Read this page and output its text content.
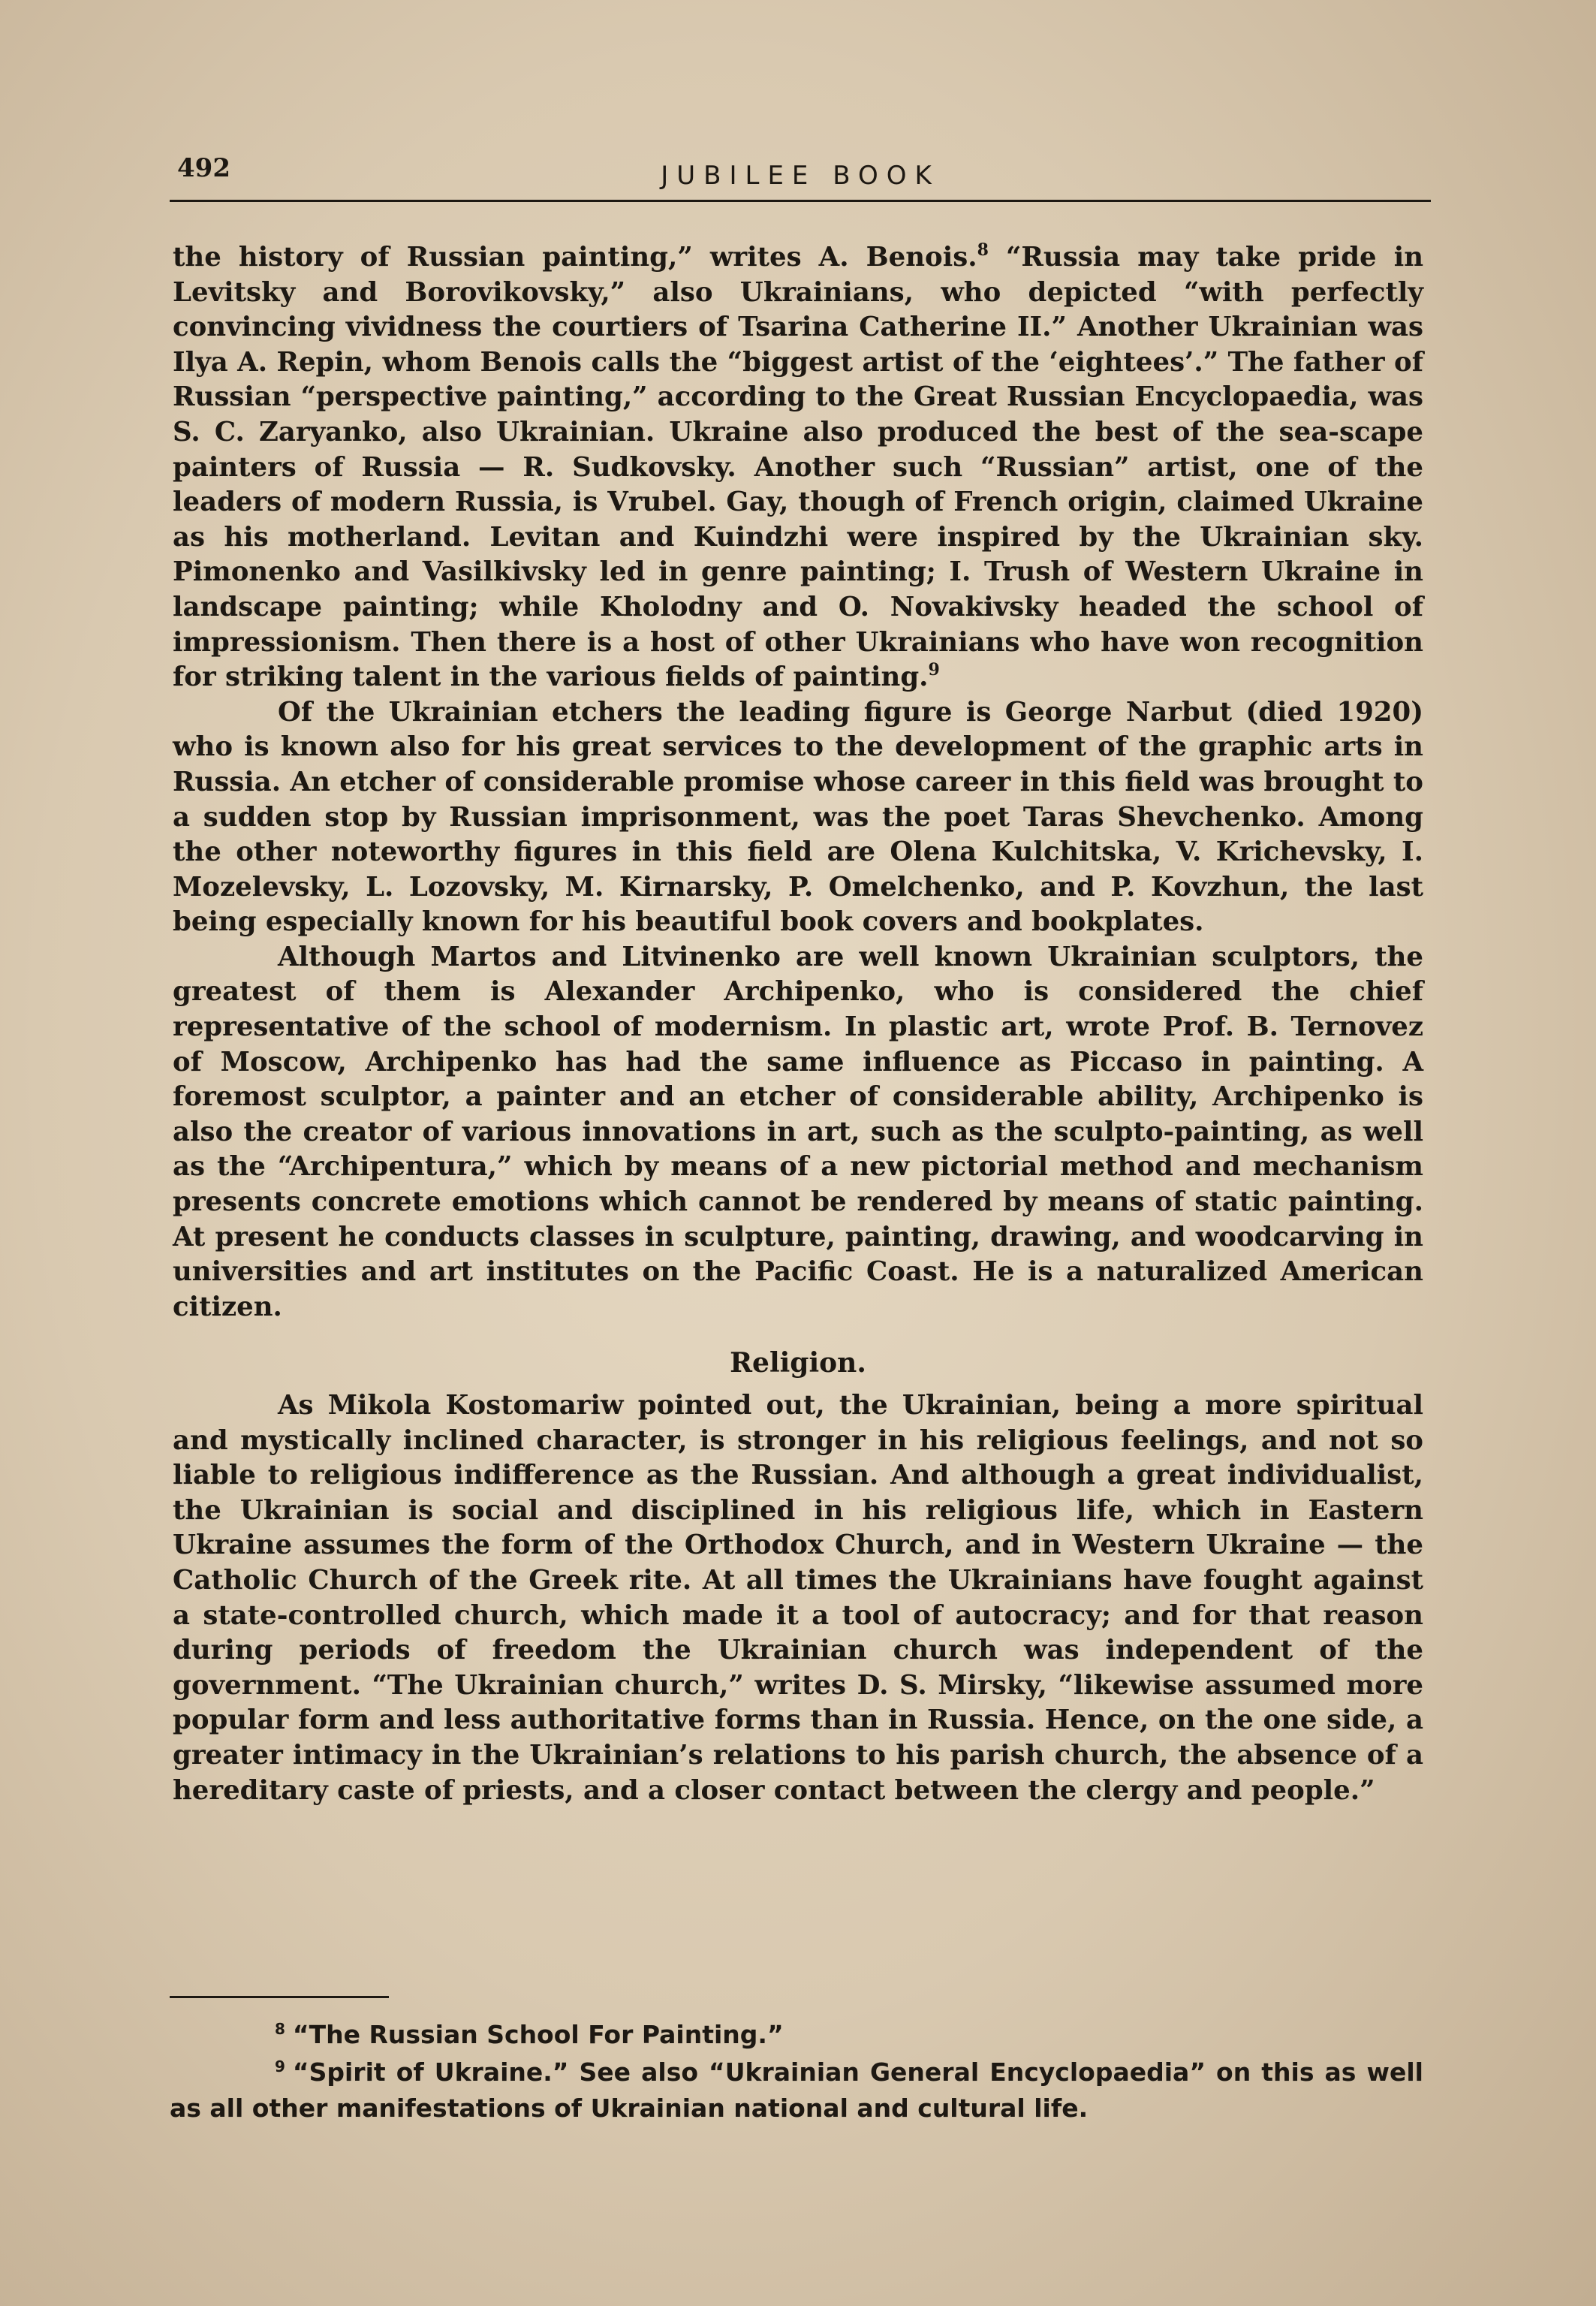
492	JUBILEE BOOK

the history of Russian painting,” writes A. Benois.$^8$ “Russia may take pride in Levitsky and Borovikovsky,” also Ukrainians, who depicted “with perfectly convincing vividness the courtiers of Tsarina Catherine II.” Another Ukrainian was Ilya A. Repin, whom Benois calls the “biggest artist of the ‘eightees’.” The father of Russian “perspective painting,” according to the Great Russian Encyclopaedia, was S. C. Zaryanko, also Ukrainian. Ukraine also produced the best of the sea-scape painters of Russia — R. Sudkovsky. Another such “Russian” artist, one of the leaders of modern Russia, is Vrubel. Gay, though of French origin, claimed Ukraine as his motherland. Levitan and Kuindzhi were inspired by the Ukrainian sky. Pimonenko and Vasilkivsky led in genre painting; I. Trush of Western Ukraine in landscape painting; while Kholodny and O. Novakivsky headed the school of impressionism. Then there is a host of other Ukrainians who have won recognition for striking talent in the various fields of painting.$^9$

Of the Ukrainian etchers the leading figure is George Narbut (died 1920) who is known also for his great services to the development of the graphic arts in Russia. An etcher of considerable promise whose career in this field was brought to a sudden stop by Russian imprisonment, was the poet Taras Shevchenko. Among the other noteworthy figures in this field are Olena Kulchitska, V. Krichevsky, I. Mozelevsky, L. Lozovsky, M. Kirnarsky, P. Omelchenko, and P. Kovzhun, the last being especially known for his beautiful book covers and bookplates.

Although Martos and Litvinenko are well known Ukrainian sculptors, the greatest of them is Alexander Archipenko, who is considered the chief representative of the school of modernism. In plastic art, wrote Prof. B. Ternovez of Moscow, Archipenko has had the same influence as Piccaso in painting. A foremost sculptor, a painter and an etcher of considerable ability, Archipenko is also the creator of various innovations in art, such as the sculpto-painting, as well as the “Archipentura,” which by means of a new pictorial method and mechanism presents concrete emotions which cannot be rendered by means of static painting. At present he conducts classes in sculpture, painting, drawing, and woodcarving in universities and art institutes on the Pacific Coast. He is a naturalized American citizen.

Religion.

As Mikola Kostomariw pointed out, the Ukrainian, being a more spiritual and mystically inclined character, is stronger in his religious feelings, and not so liable to religious indifference as the Russian. And although a great individualist, the Ukrainian is social and disciplined in his religious life, which in Eastern Ukraine assumes the form of the Orthodox Church, and in Western Ukraine — the Catholic Church of the Greek rite. At all times the Ukrainians have fought against a state-controlled church, which made it a tool of autocracy; and for that reason during periods of freedom the Ukrainian church was independent of the government. “The Ukrainian church,” writes D. S. Mirsky, “likewise assumed more popular form and less authoritative forms than in Russia. Hence, on the one side, a greater intimacy in the Ukrainian’s relations to his parish church, the absence of a hereditary caste of priests, and a closer contact between the clergy and people.”

$^8$ “The Russian School For Painting.”

$^9$ “Spirit of Ukraine.” See also “Ukrainian General Encyclopaedia” on this as well as all other manifestations of Ukrainian national and cultural life.
